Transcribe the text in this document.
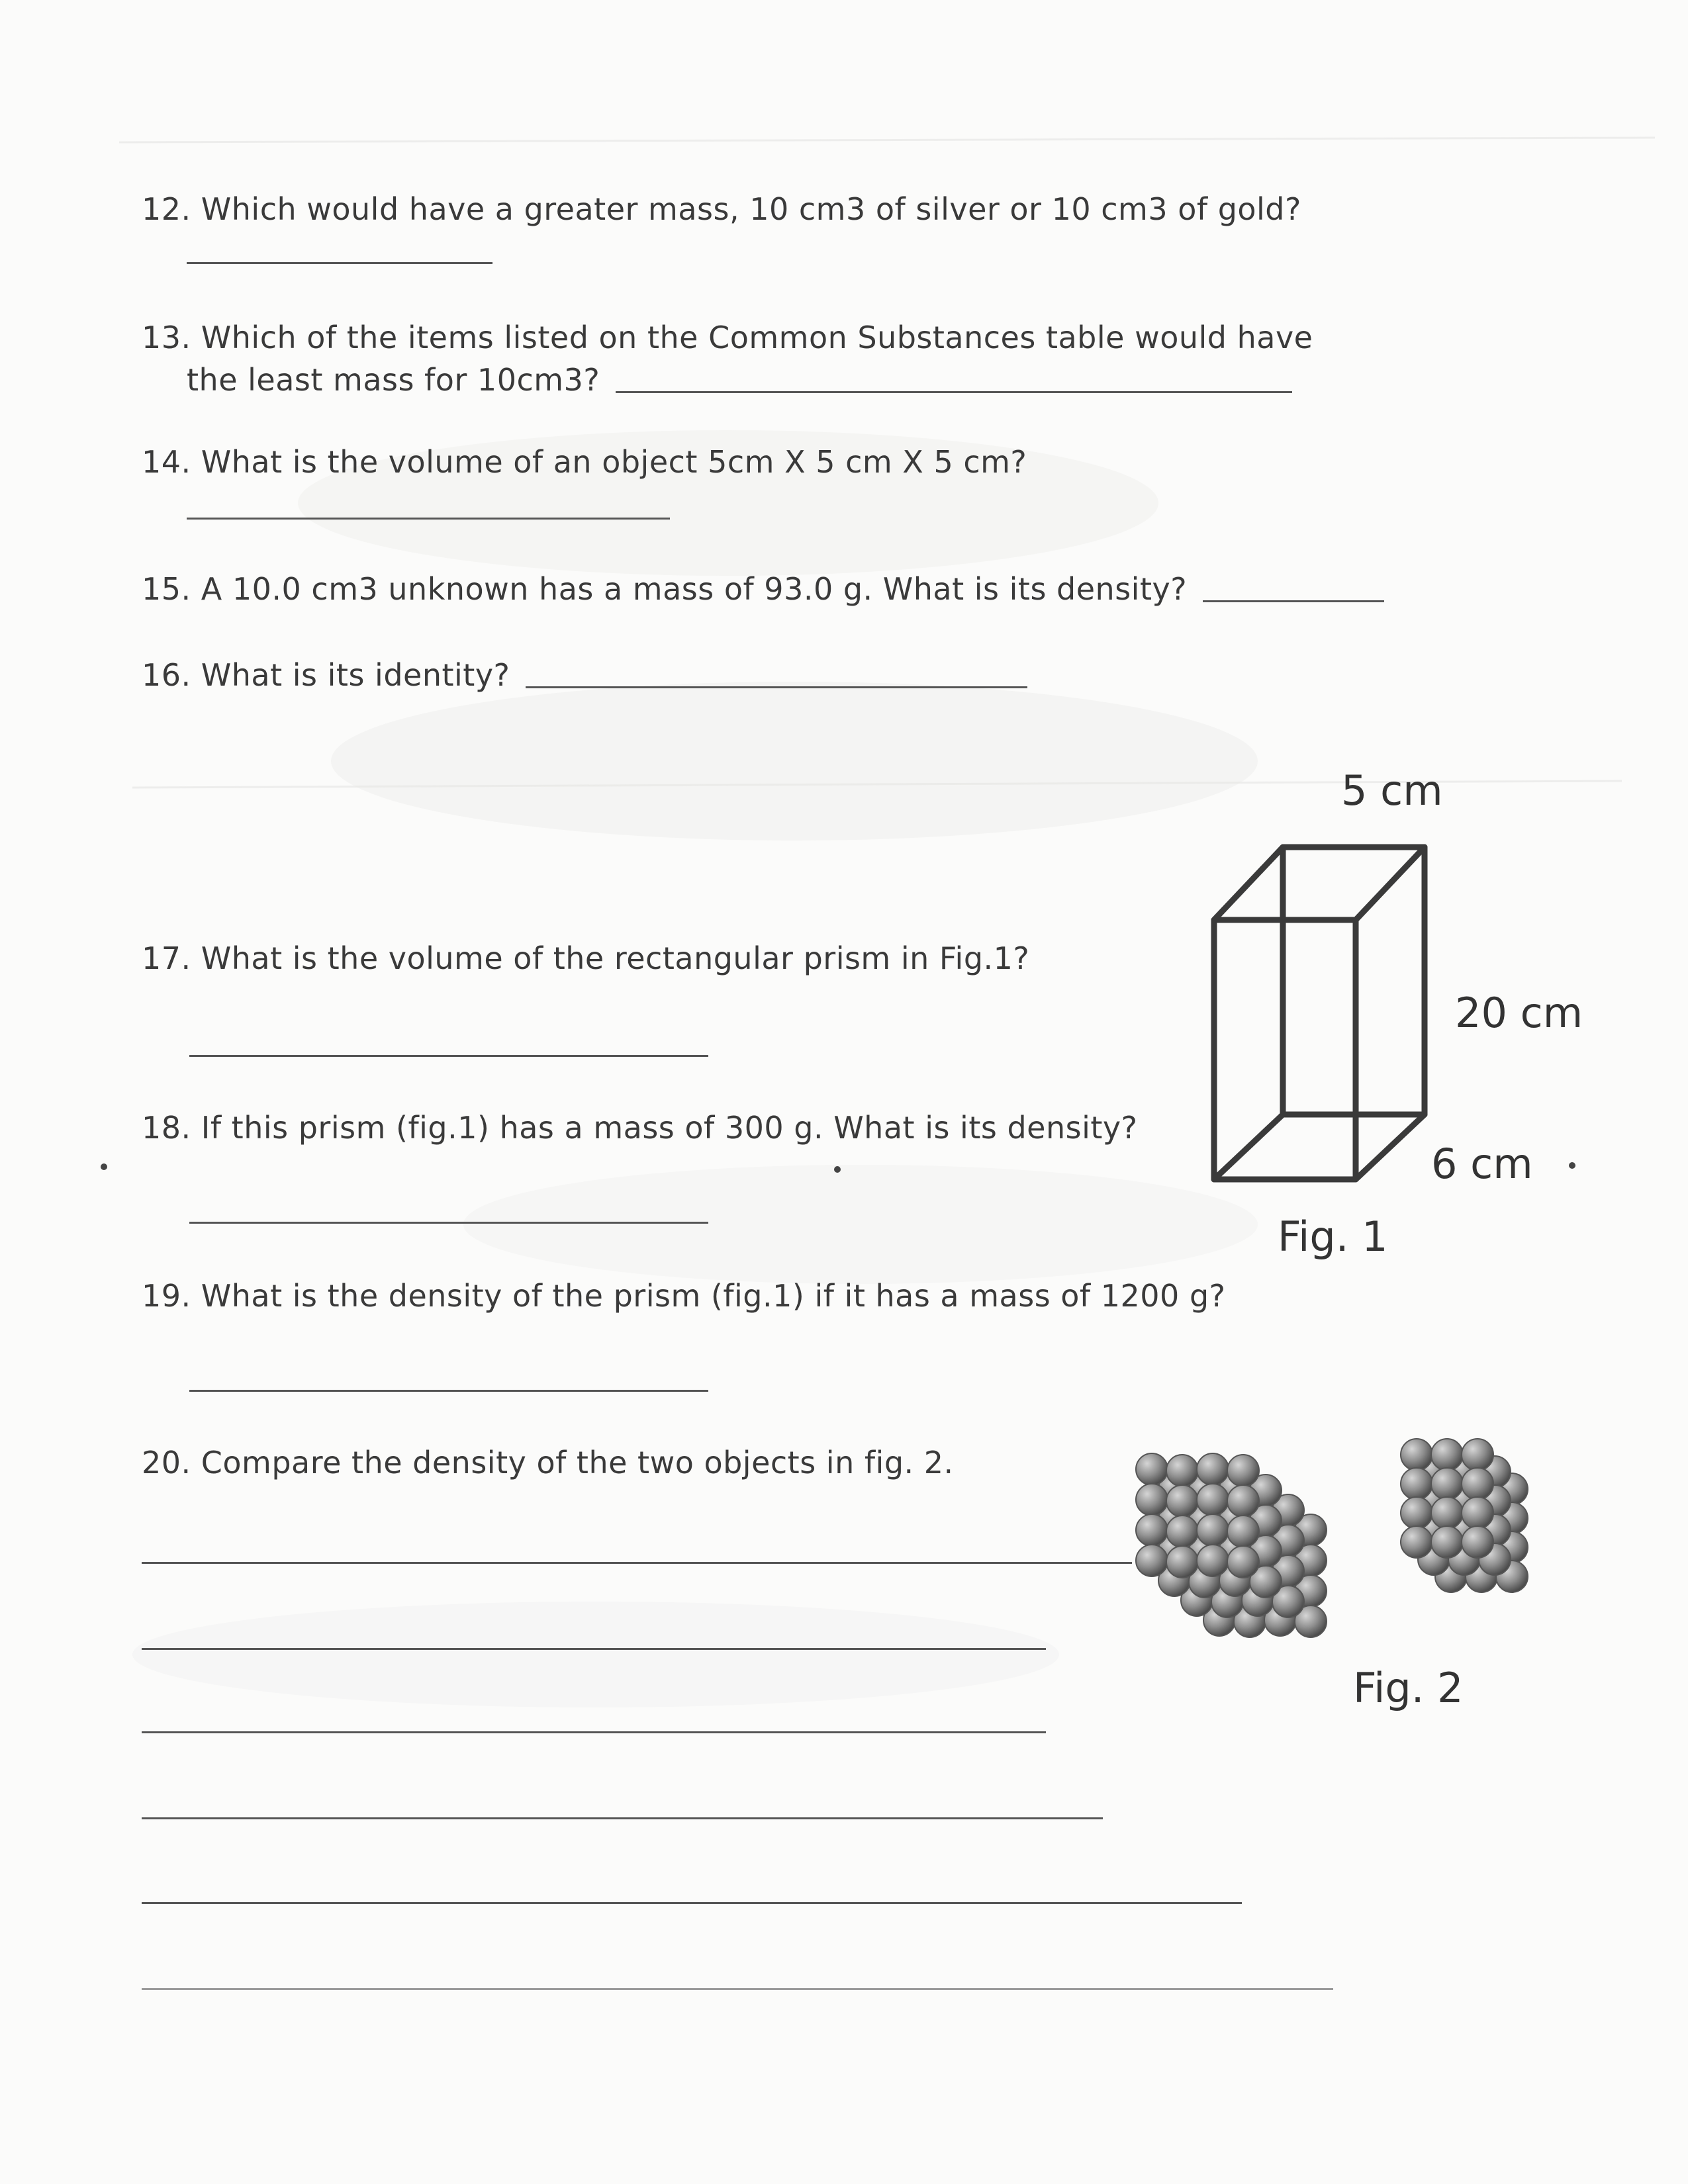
12. Which would have a greater mass, 10 cm3 of silver or 10 cm3 of gold?

13. Which of the items listed on the Common Substances table would have
the least mass for 10cm3?

14. What is the volume of an object 5cm X 5 cm X 5 cm?

15. A 10.0 cm3 unknown has a mass of 93.0 g. What is its density?

16. What is its identity?

17. What is the volume of the rectangular prism in Fig.1?

18. If this prism (fig.1) has a mass of 300 g. What is its density?

19. What is the density of the prism (fig.1) if it has a mass of 1200 g?

20. Compare the density of the two objects in fig. 2.

5 cm
20 cm
6 cm
Fig. 1
Fig. 2
